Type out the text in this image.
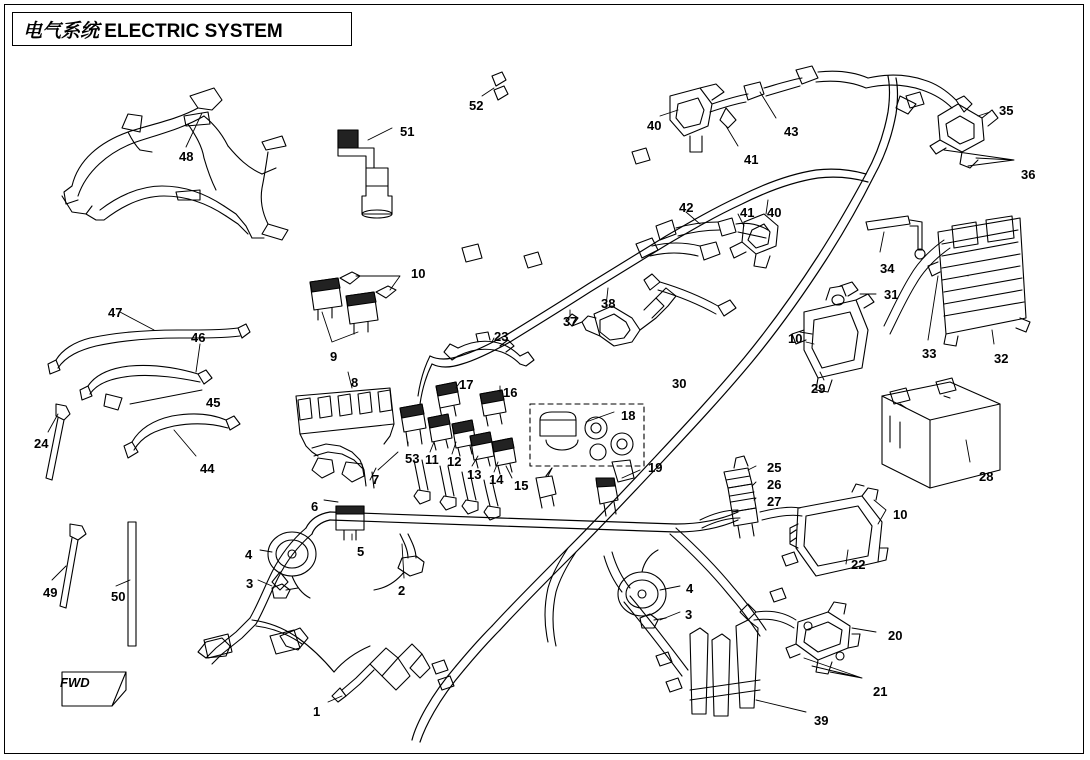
电气系统 ELECTRIC SYSTEM
FWD
1
2
3
3
4
4
5
6
7
8
9
10
10
10
11 12
13 14 15
16
17
18
19
20
21
22
23
24
25
26
27
28
29
30
31
32
33
34
35
36
37
38
39
40
40
41
41
42
43
44
45
46
47
48
49	50
51
52
53
